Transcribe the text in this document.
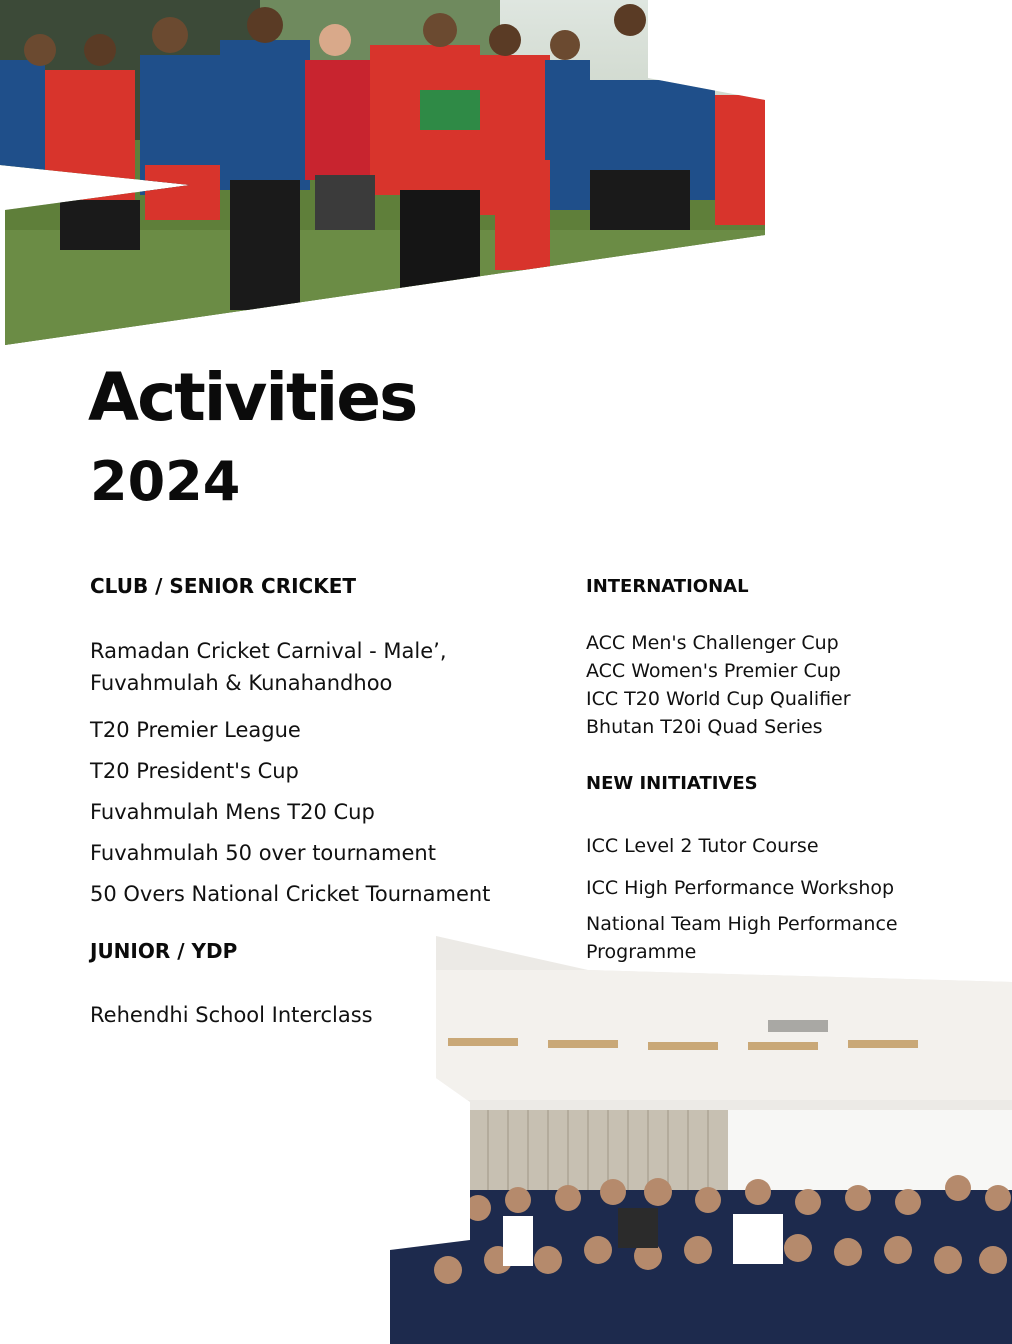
Activities
2024
CLUB / SENIOR CRICKET
Ramadan Cricket Carnival - Male’,
Fuvahmulah & Kunahandhoo
T20 Premier League
T20 President's Cup
Fuvahmulah Mens T20 Cup
Fuvahmulah 50 over tournament
50 Overs National Cricket Tournament
JUNIOR / YDP
Rehendhi School Interclass
INTERNATIONAL
ACC Men's Challenger Cup
ACC Women's Premier Cup
ICC T20 World Cup Qualifier
Bhutan T20i Quad Series
NEW INITIATIVES
ICC Level 2 Tutor Course
ICC High Performance Workshop
National Team High Performance
Programme
